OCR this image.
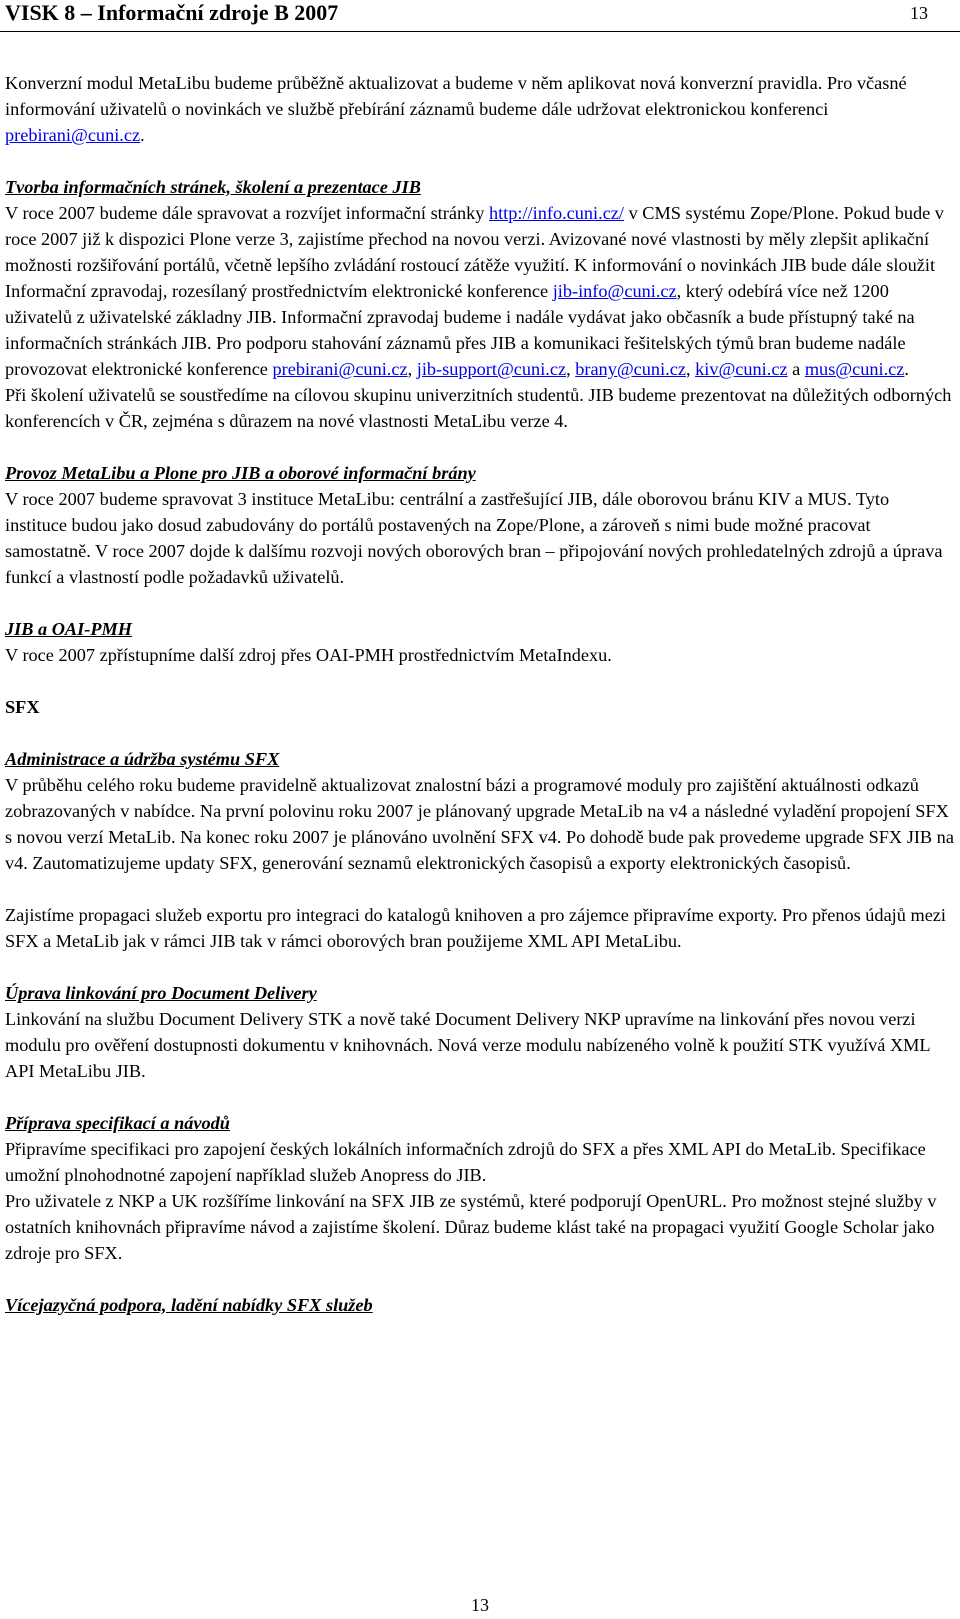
VISK 8 – Informační zdroje B 2007	13

Konverzní modul MetaLibu budeme průběžně aktualizovat a budeme v něm aplikovat nová konverzní pravidla. Pro včasné informování uživatelů o novinkách ve službě přebírání záznamů budeme dále udržovat elektronickou konferenci prebirani@cuni.cz.

Tvorba informačních stránek, školení a prezentace JIB

V roce 2007 budeme dále spravovat a rozvíjet informační stránky http://info.cuni.cz/ v CMS systému Zope/Plone. Pokud bude v roce 2007 již k dispozici Plone verze 3, zajistíme přechod na novou verzi. Avizované nové vlastnosti by měly zlepšit aplikační možnosti rozšiřování portálů, včetně lepšího zvládání rostoucí zátěže využití. K informování o novinkách JIB bude dále sloužit Informační zpravodaj, rozesílaný prostřednictvím elektronické konference jib-info@cuni.cz, který odebírá více než 1200 uživatelů z uživatelské základny JIB. Informační zpravodaj budeme i nadále vydávat jako občasník a bude přístupný také na informačních stránkách JIB. Pro podporu stahování záznamů přes JIB a komunikaci řešitelských týmů bran budeme nadále provozovat elektronické konference prebirani@cuni.cz, jib-support@cuni.cz, brany@cuni.cz, kiv@cuni.cz a mus@cuni.cz.

Při školení uživatelů se soustředíme na cílovou skupinu univerzitních studentů. JIB budeme prezentovat na důležitých odborných konferencích v ČR, zejména s důrazem na nové vlastnosti MetaLibu verze 4.

Provoz MetaLibu a Plone pro JIB a oborové informační brány

V roce 2007 budeme spravovat 3 instituce MetaLibu: centrální a zastřešující JIB, dále oborovou bránu KIV a MUS. Tyto instituce budou jako dosud zabudovány do portálů postavených na Zope/Plone, a zároveň s nimi bude možné pracovat samostatně. V roce 2007 dojde k dalšímu rozvoji nových oborových bran – připojování nových prohledatelných zdrojů a úprava funkcí a vlastností podle požadavků uživatelů.

JIB a OAI-PMH

V roce 2007 zpřístupníme další zdroj přes OAI-PMH prostřednictvím MetaIndexu.

SFX

Administrace a údržba systému SFX

V průběhu celého roku budeme pravidelně aktualizovat znalostní bázi a programové moduly pro zajištění aktuálnosti odkazů zobrazovaných v nabídce. Na první polovinu roku 2007 je plánovaný upgrade MetaLib na v4 a následné vyladění propojení SFX s novou verzí MetaLib. Na konec roku 2007 je plánováno uvolnění SFX v4. Po dohodě bude pak provedeme upgrade SFX JIB na v4. Zautomatizujeme updaty SFX, generování seznamů elektronických časopisů a exporty elektronických časopisů.

Zajistíme propagaci služeb exportu pro integraci do katalogů knihoven a pro zájemce připravíme exporty. Pro přenos údajů mezi SFX a MetaLib jak v rámci JIB tak v rámci oborových bran použijeme XML API MetaLibu.

Úprava linkování pro Document Delivery

Linkování na službu Document Delivery STK a nově také Document Delivery NKP upravíme na linkování přes novou verzi modulu pro ověření dostupnosti dokumentu v knihovnách. Nová verze modulu nabízeného volně k použití STK využívá XML API MetaLibu JIB.

Příprava specifikací a návodů

Připravíme specifikaci pro zapojení českých lokálních informačních zdrojů do SFX a přes XML API do MetaLib. Specifikace umožní plnohodnotné zapojení například služeb Anopress do JIB.

Pro uživatele z NKP a UK rozšíříme linkování na SFX JIB ze systémů, které podporují OpenURL. Pro možnost stejné služby v ostatních knihovnách připravíme návod a zajistíme školení. Důraz budeme klást také na propagaci využití Google Scholar jako zdroje pro SFX.

Vícejazyčná podpora, ladění nabídky SFX služeb

13
